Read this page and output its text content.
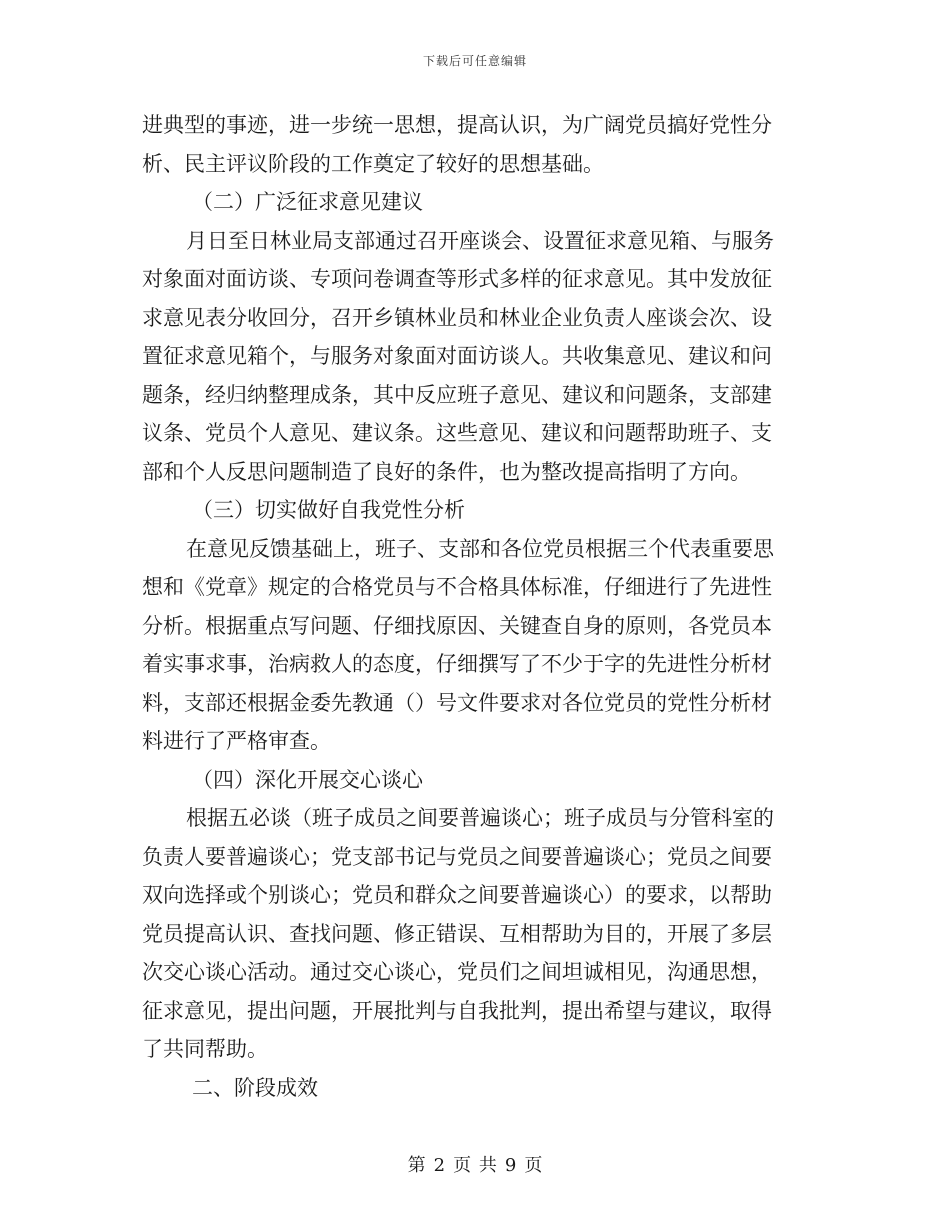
下载后可任意编辑
进典型的事迹，进一步统一思想，提高认识，为广阔党员搞好党性分
析、民主评议阶段的工作奠定了较好的思想基础。
（二）广泛征求意见建议
月日至日林业局支部通过召开座谈会、设置征求意见箱、与服务
对象面对面访谈、专项问卷调查等形式多样的征求意见。其中发放征
求意见表分收回分，召开乡镇林业员和林业企业负责人座谈会次、设
置征求意见箱个，与服务对象面对面访谈人。共收集意见、建议和问
题条，经归纳整理成条，其中反应班子意见、建议和问题条，支部建
议条、党员个人意见、建议条。这些意见、建议和问题帮助班子、支
部和个人反思问题制造了良好的条件，也为整改提高指明了方向。
（三）切实做好自我党性分析
在意见反馈基础上，班子、支部和各位党员根据三个代表重要思
想和《党章》规定的合格党员与不合格具体标准，仔细进行了先进性
分析。根据重点写问题、仔细找原因、关键查自身的原则，各党员本
着实事求事，治病救人的态度，仔细撰写了不少于字的先进性分析材
料，支部还根据金委先教通（）号文件要求对各位党员的党性分析材
料进行了严格审查。
（四）深化开展交心谈心
根据五必谈（班子成员之间要普遍谈心；班子成员与分管科室的
负责人要普遍谈心；党支部书记与党员之间要普遍谈心；党员之间要
双向选择或个别谈心；党员和群众之间要普遍谈心）的要求，以帮助
党员提高认识、查找问题、修正错误、互相帮助为目的，开展了多层
次交心谈心活动。通过交心谈心，党员们之间坦诚相见，沟通思想，
征求意见，提出问题，开展批判与自我批判，提出希望与建议，取得
了共同帮助。
二、阶段成效
第 2 页 共 9 页
